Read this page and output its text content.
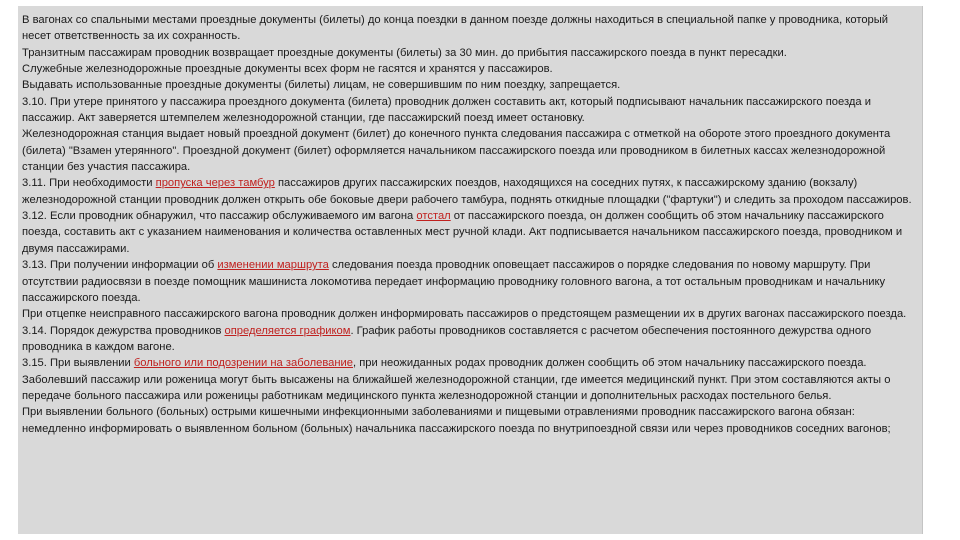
В вагонах со спальными местами проездные документы (билеты) до конца поездки в данном поезде должны находиться в специальной папке у проводника, который несет ответственность за их сохранность.

Транзитным пассажирам проводник возвращает проездные документы (билеты) за 30 мин. до прибытия пассажирского поезда в пункт пересадки.

Служебные железнодорожные проездные документы всех форм не гасятся и хранятся у пассажиров.

Выдавать использованные проездные документы (билеты) лицам, не совершившим по ним поездку, запрещается.

3.10. При утере принятого у пассажира проездного документа (билета) проводник должен составить акт, который подписывают начальник пассажирского поезда и пассажир. Акт заверяется штемпелем железнодорожной станции, где пассажирский поезд имеет остановку.

Железнодорожная станция выдает новый проездной документ (билет) до конечного пункта следования пассажира с отметкой на обороте этого проездного документа (билета) "Взамен утерянного". Проездной документ (билет) оформляется начальником пассажирского поезда или проводником в билетных кассах железнодорожной станции без участия пассажира.

3.11. При необходимости пропуска через тамбур пассажиров других пассажирских поездов, находящихся на соседних путях, к пассажирскому зданию (вокзалу) железнодорожной станции проводник должен открыть обе боковые двери рабочего тамбура, поднять откидные площадки ("фартуки") и следить за проходом пассажиров.

3.12. Если проводник обнаружил, что пассажир обслуживаемого им вагона отстал от пассажирского поезда, он должен сообщить об этом начальнику пассажирского поезда, составить акт с указанием наименования и количества оставленных мест ручной клади. Акт подписывается начальником пассажирского поезда, проводником и двумя пассажирами.

3.13. При получении информации об изменении маршрута следования поезда проводник оповещает пассажиров о порядке следования по новому маршруту. При отсутствии радиосвязи в поезде помощник машиниста локомотива передает информацию проводнику головного вагона, а тот остальным проводникам и начальнику пассажирского поезда.

При отцепке неисправного пассажирского вагона проводник должен информировать пассажиров о предстоящем размещении их в других вагонах пассажирского поезда.

3.14. Порядок дежурства проводников определяется графиком. График работы проводников составляется с расчетом обеспечения постоянного дежурства одного проводника в каждом вагоне.

3.15. При выявлении больного или подозрении на заболевание, при неожиданных родах проводник должен сообщить об этом начальнику пассажирского поезда. Заболевший пассажир или роженица могут быть высажены на ближайшей железнодорожной станции, где имеется медицинский пункт. При этом составляются акты о передаче больного пассажира или роженицы работникам медицинского пункта железнодорожной станции и дополнительных расходах постельного белья.

При выявлении больного (больных) острыми кишечными инфекционными заболеваниями и пищевыми отравлениями проводник пассажирского вагона обязан:

немедленно информировать о выявленном больном (больных) начальника пассажирского поезда по внутрипоездной связи или через проводников соседних вагонов;
